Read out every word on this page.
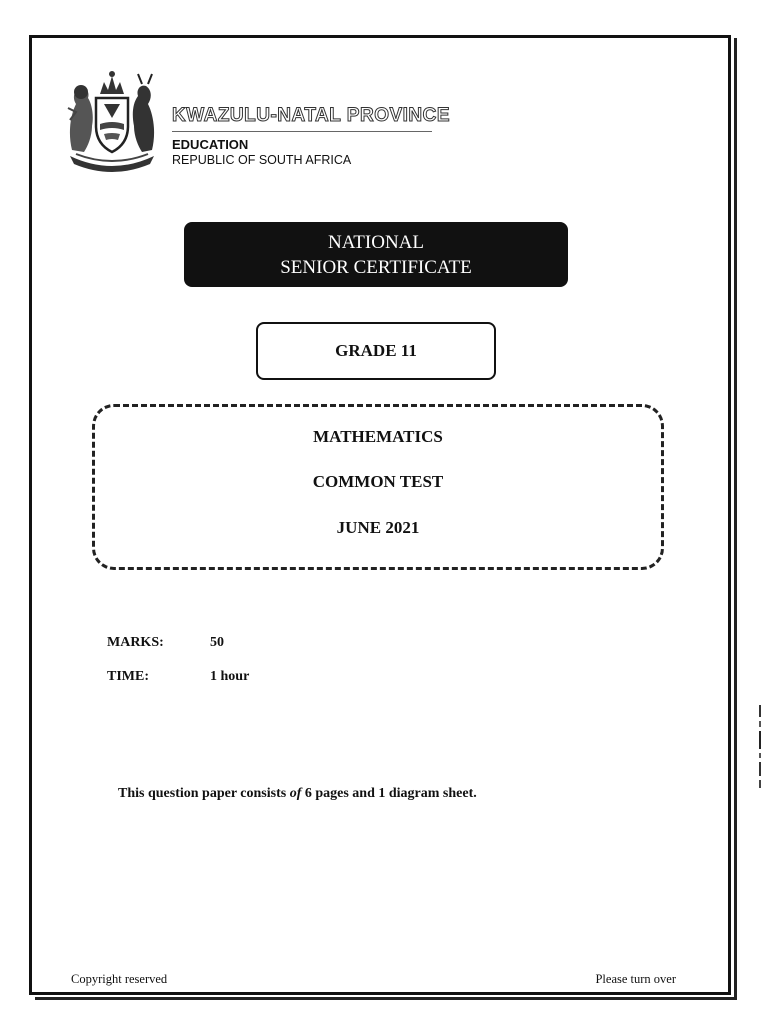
KWAZULU-NATAL PROVINCE
EDUCATION
REPUBLIC OF SOUTH AFRICA
NATIONAL
SENIOR CERTIFICATE
GRADE 11
MATHEMATICS
COMMON TEST
JUNE 2021
MARKS:	50
TIME:	1 hour
This question paper consists of 6 pages and 1 diagram sheet.
Copyright reserved	Please turn over
